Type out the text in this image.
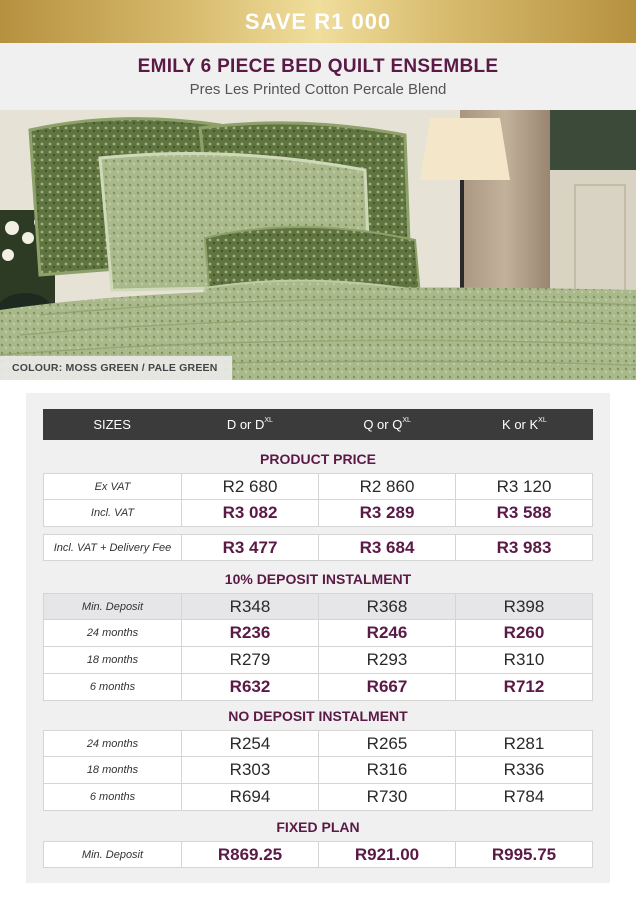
SAVE R1 000
EMILY 6 PIECE BED QUILT ENSEMBLE
Pres Les Printed Cotton Percale Blend
COLOUR: MOSS GREEN / PALE GREEN
SIZES	D or $D^{XL}$	Q or $Q^{XL}$	K or $K^{XL}$
PRODUCT PRICE
Ex VAT	R2 680	R2 860	R3 120
Incl. VAT	R3 082	R3 289	R3 588
Incl. VAT + Delivery Fee	R3 477	R3 684	R3 983
10% DEPOSIT INSTALMENT
Min. Deposit	R348	R368	R398
24 months	R236	R246	R260
18 months	R279	R293	R310
6 months	R632	R667	R712
NO DEPOSIT INSTALMENT
24 months	R254	R265	R281
18 months	R303	R316	R336
6 months	R694	R730	R784
FIXED PLAN
Min. Deposit	R869.25	R921.00	R995.75
